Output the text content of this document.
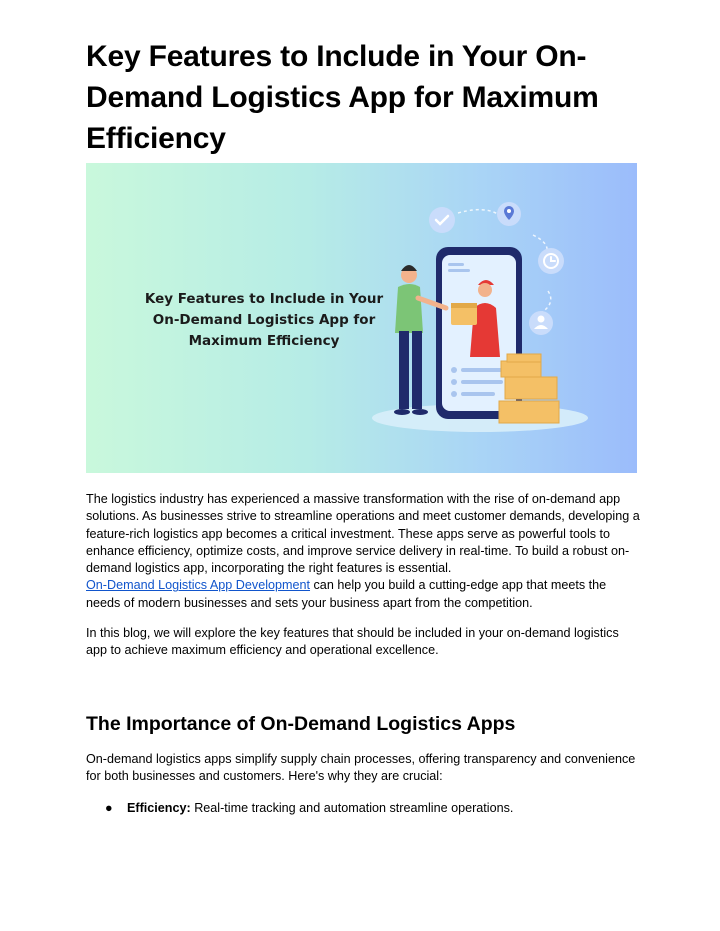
Key Features to Include in Your On-Demand Logistics App for Maximum Efficiency
Key Features to Include in Your
On-Demand Logistics App for
Maximum Efficiency

The logistics industry has experienced a massive transformation with the rise of on-demand app solutions. As businesses strive to streamline operations and meet customer demands, developing a feature-rich logistics app becomes a critical investment. These apps serve as powerful tools to enhance efficiency, optimize costs, and improve service delivery in real-time. To build a robust on-demand logistics app, incorporating the right features is essential.
On-Demand Logistics App Development can help you build a cutting-edge app that meets the needs of modern businesses and sets your business apart from the competition.

In this blog, we will explore the key features that should be included in your on-demand logistics app to achieve maximum efficiency and operational excellence.

The Importance of On-Demand Logistics Apps

On-demand logistics apps simplify supply chain processes, offering transparency and convenience for both businesses and customers. Here's why they are crucial:

● Efficiency: Real-time tracking and automation streamline operations.
